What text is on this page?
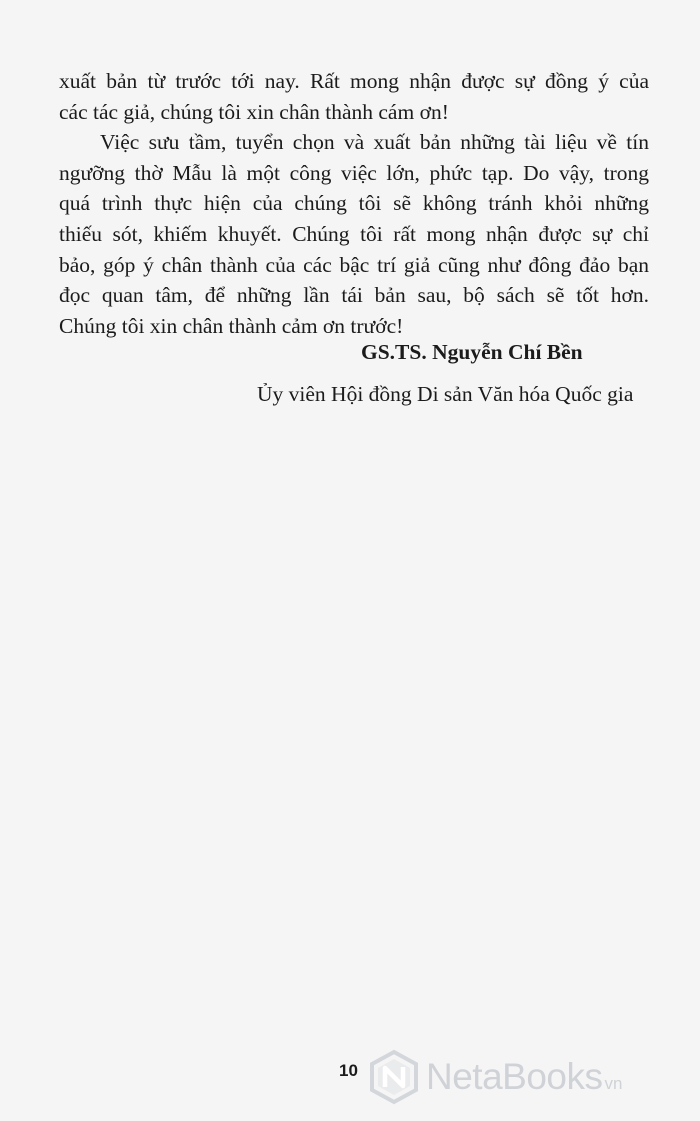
xuất bản từ trước tới nay. Rất mong nhận được sự đồng ý của
các tác giả, chúng tôi xin chân thành cám ơn!

Việc sưu tầm, tuyển chọn và xuất bản những tài liệu về tín
ngưỡng thờ Mẫu là một công việc lớn, phức tạp. Do vậy, trong
quá trình thực hiện của chúng tôi sẽ không tránh khỏi những
thiếu sót, khiếm khuyết. Chúng tôi rất mong nhận được sự chỉ
bảo, góp ý chân thành của các bậc trí giả cũng như đông đảo bạn
đọc quan tâm, để những lần tái bản sau, bộ sách sẽ tốt hơn.
Chúng tôi xin chân thành cảm ơn trước!

GS.TS. Nguyễn Chí Bền
Ủy viên Hội đồng Di sản Văn hóa Quốc gia
10 NetaBooks vn
